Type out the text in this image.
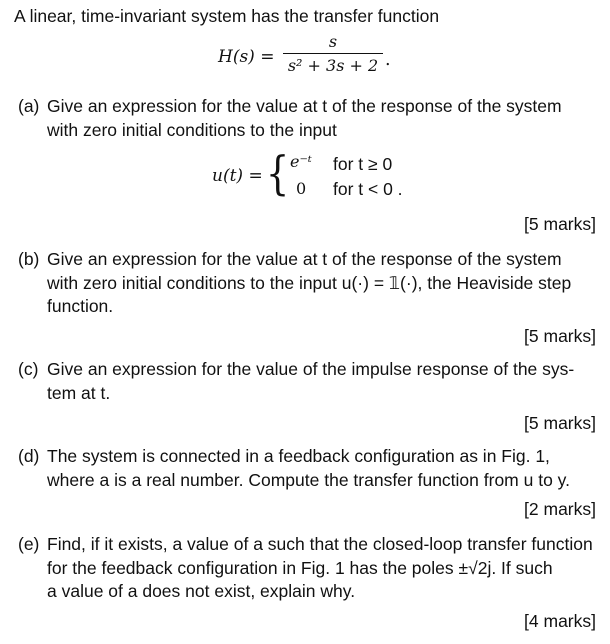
A linear, time-invariant system has the transfer function
H(s) =
s
s² + 3s + 2 .
(a) Give an expression for the value at t of the response of the system
with zero initial conditions to the input
u(t) = { e⁻ᵗ for t ≥ 0
0 for t < 0 .
[5 marks]
(b) Give an expression for the value at t of the response of the system
with zero initial conditions to the input u(·) = 𝟙(·), the Heaviside step
function.
[5 marks]
(c) Give an expression for the value of the impulse response of the sys-
tem at t.
[5 marks]
(d) The system is connected in a feedback configuration as in Fig. 1,
where a is a real number. Compute the transfer function from u to y.
[2 marks]
(e) Find, if it exists, a value of a such that the closed-loop transfer function
for the feedback configuration in Fig. 1 has the poles ±√2j. If such
a value of a does not exist, explain why.
[4 marks]
